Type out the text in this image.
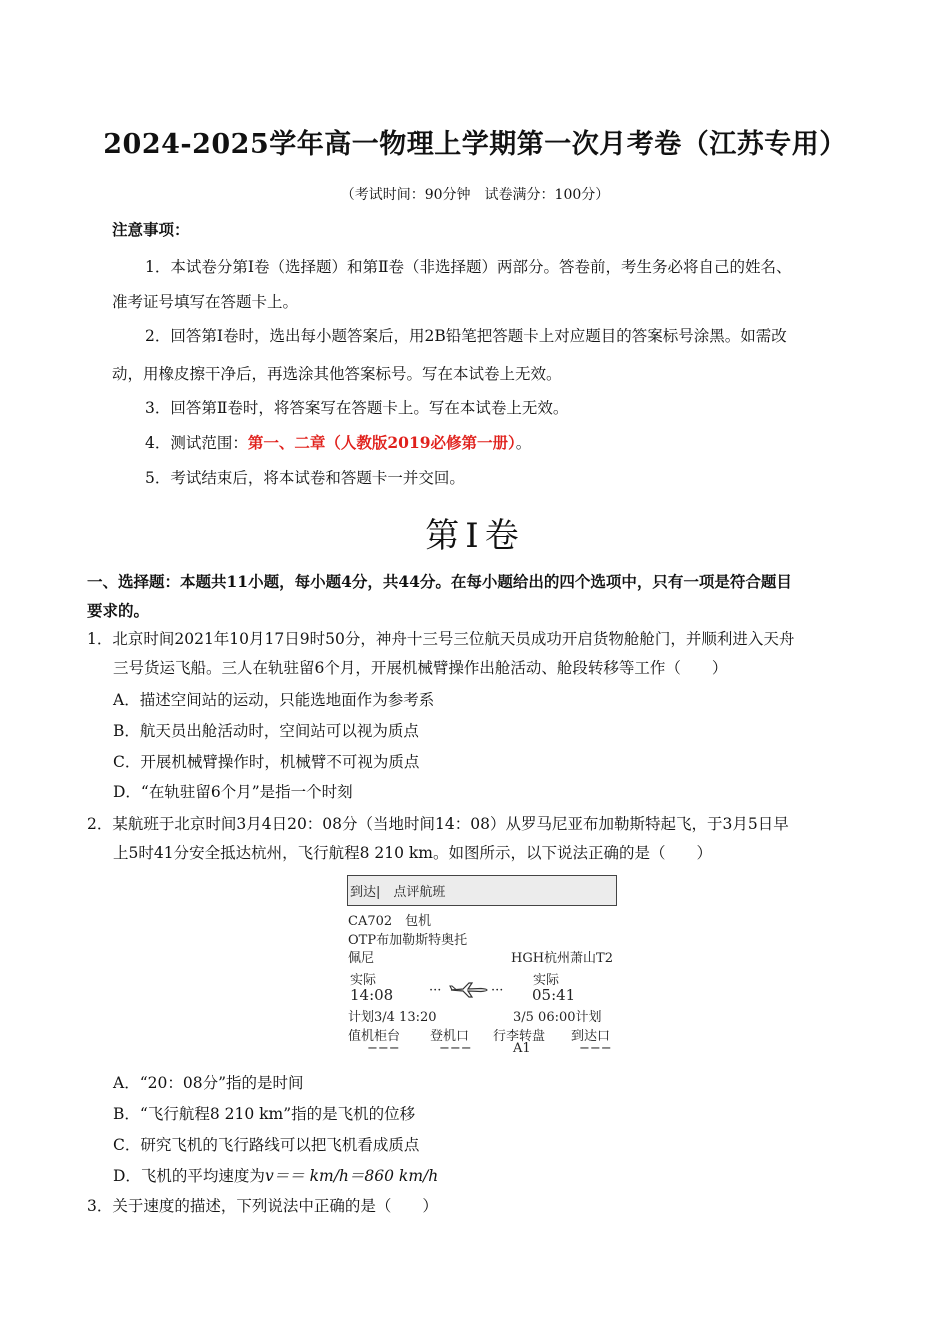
2024-2025学年高一物理上学期第一次月考卷（江苏专用）
（考试时间：90分钟　试卷满分：100分）
注意事项：
1．本试卷分第Ⅰ卷（选择题）和第Ⅱ卷（非选择题）两部分。答卷前，考生务必将自己的姓名、
准考证号填写在答题卡上。
2．回答第Ⅰ卷时，选出每小题答案后，用2B铅笔把答题卡上对应题目的答案标号涂黑。如需改
动，用橡皮擦干净后，再选涂其他答案标号。写在本试卷上无效。
3．回答第Ⅱ卷时，将答案写在答题卡上。写在本试卷上无效。
4．测试范围：第一、二章（人教版2019必修第一册）。
5．考试结束后，将本试卷和答题卡一并交回。
第Ⅰ卷
一、选择题：本题共11小题，每小题4分，共44分。在每小题给出的四个选项中，只有一项是符合题目
要求的。
1．北京时间2021年10月17日9时50分，神舟十三号三位航天员成功开启货物舱舱门，并顺利进入天舟
三号货运飞船。三人在轨驻留6个月，开展机械臂操作出舱活动、舱段转移等工作（　　）
A．描述空间站的运动，只能选地面作为参考系
B．航天员出舱活动时，空间站可以视为质点
C．开展机械臂操作时，机械臂不可视为质点
D．“在轨驻留6个月”是指一个时刻
2．某航班于北京时间3月4日20：08分（当地时间14：08）从罗马尼亚布加勒斯特起飞，于3月5日早
上5时41分安全抵达杭州，飞行航程8 210 km。如图所示，以下说法正确的是（　　）
到达|　点评航班
CA702　包机
OTP布加勒斯特奥托
佩尼	HGH杭州萧山T2
实际	实际
14:08	···	··· 05:41
计划3/4 13:20	3/5 06:00计划
值机柜台 登机口 行李转盘 到达口
−−−	−−−	A1	−−−
A．“20：08分”指的是时间
B．“飞行航程8 210 km”指的是飞机的位移
C．研究飞机的飞行路线可以把飞机看成质点
D．飞机的平均速度为v＝＝ km/h＝860 km/h
3．关于速度的描述，下列说法中正确的是（　　）
